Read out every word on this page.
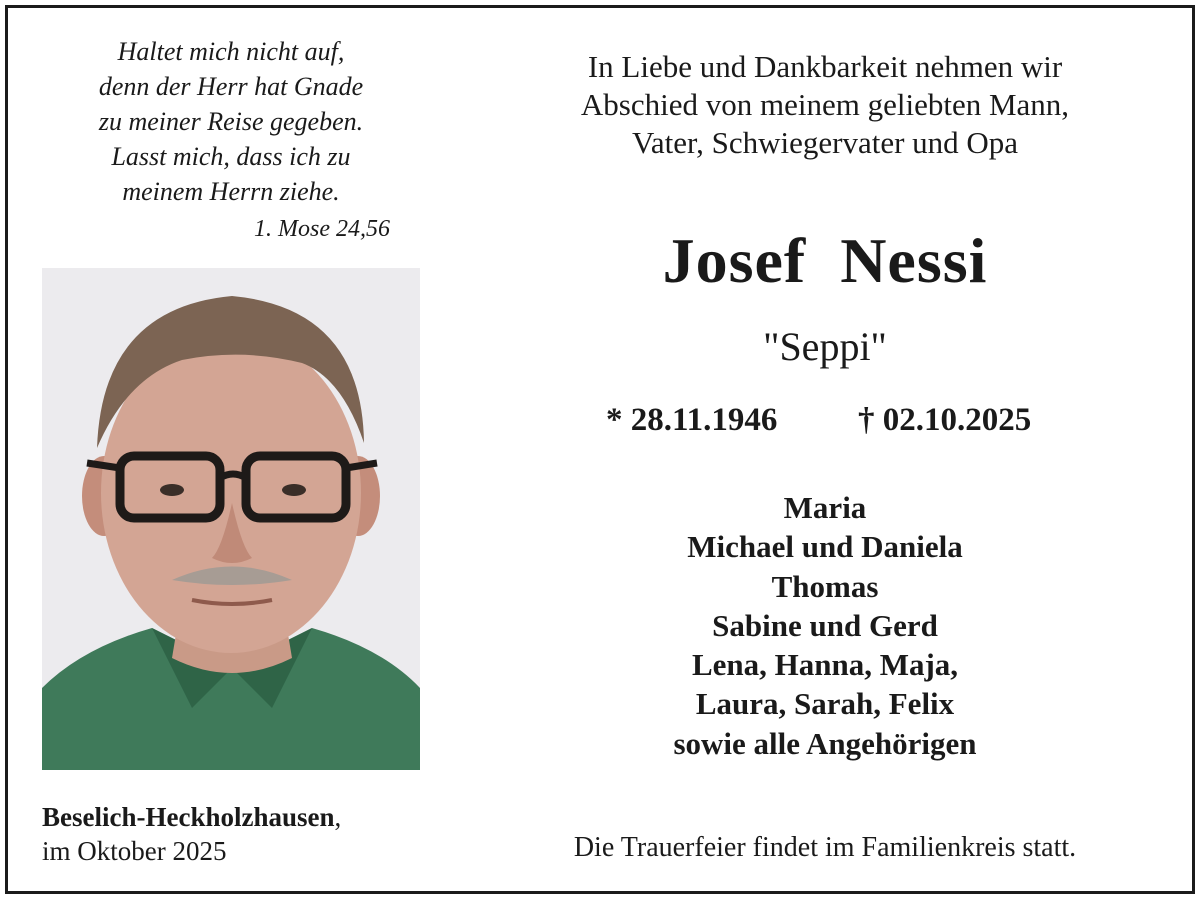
Haltet mich nicht auf,
denn der Herr hat Gnade
zu meiner Reise gegeben.
Lasst mich, dass ich zu
meinem Herrn ziehe.
1. Mose 24,56
Beselich-Heckholzhausen,
im Oktober 2025
In Liebe und Dankbarkeit nehmen wir
Abschied von meinem geliebten Mann,
Vater, Schwiegervater und Opa
Josef  Nessi
"Seppi"
* 28.11.1946 † 02.10.2025
Maria
Michael und Daniela
Thomas
Sabine und Gerd
Lena, Hanna, Maja,
Laura, Sarah, Felix
sowie alle Angehörigen
Die Trauerfeier findet im Familienkreis statt.
